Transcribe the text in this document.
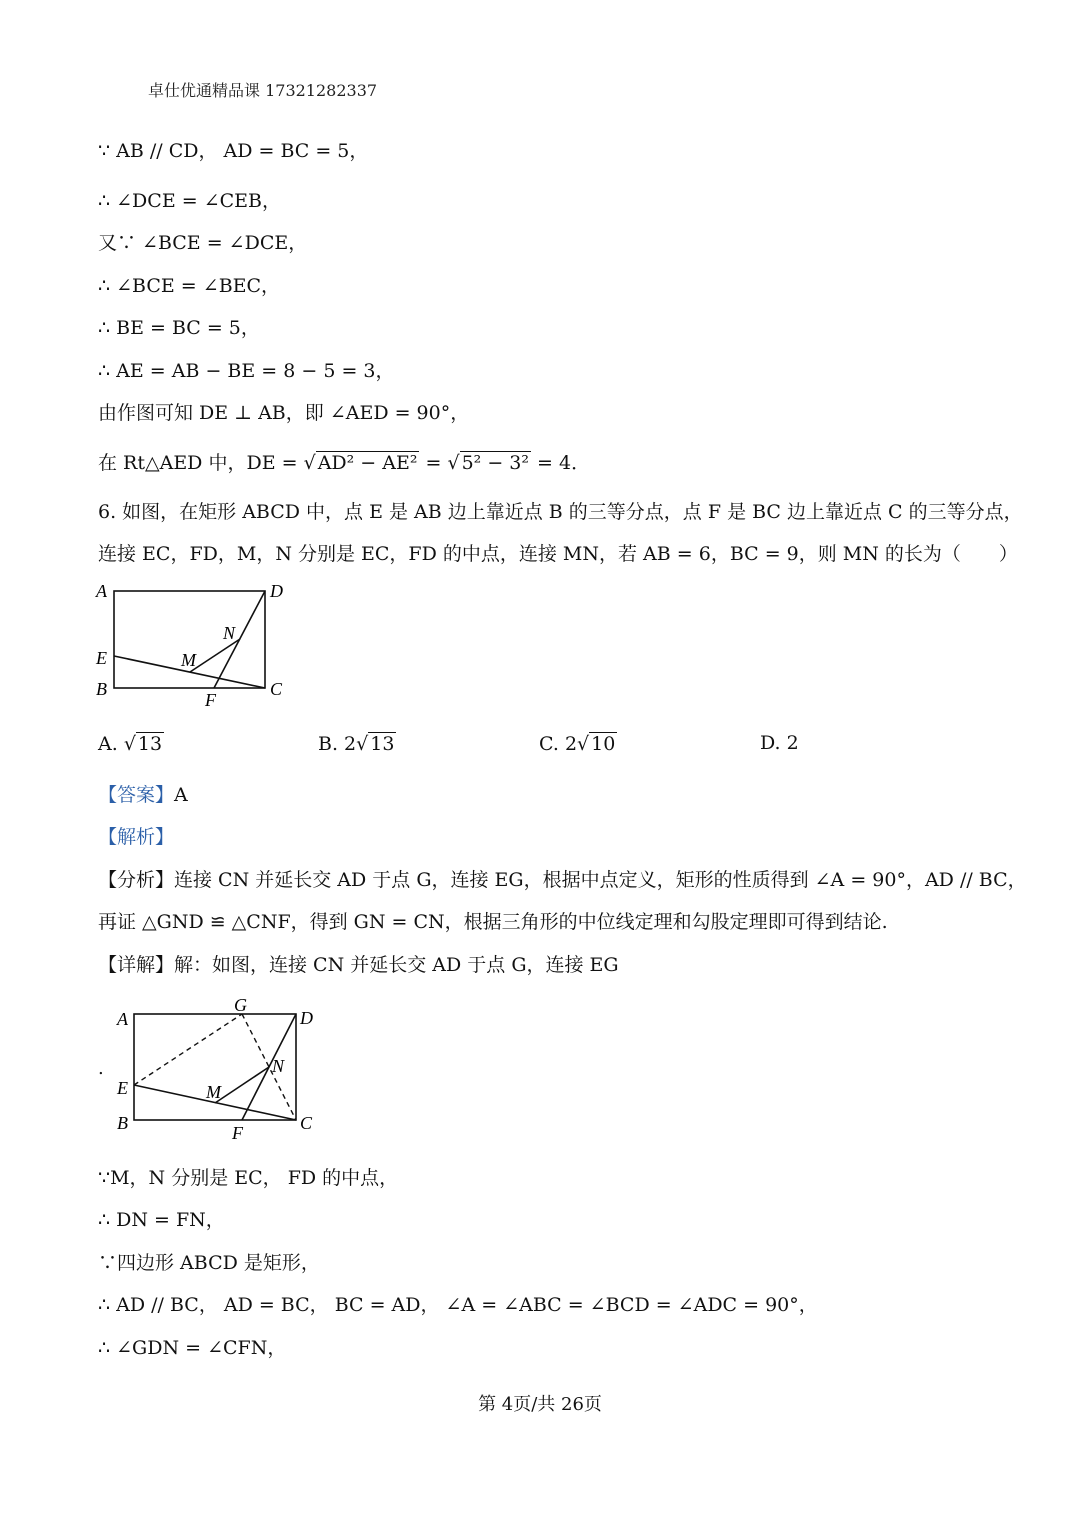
卓仕优通精品课 17321282337
∵ AB // CD， AD = BC = 5，
∴ ∠DCE = ∠CEB，
又∵ ∠BCE = ∠DCE，
∴ ∠BCE = ∠BEC，
∴ BE = BC = 5，
∴ AE = AB − BE = 8 − 5 = 3，
由作图可知 DE ⊥ AB，即 ∠AED = 90°，
在 Rt△AED 中，DE = √ AD² − AE² = √ 5² − 3² = 4．
6. 如图，在矩形 ABCD 中，点 E 是 AB 边上靠近点 B 的三等分点，点 F 是 BC 边上靠近点 C 的三等分点，
连接 EC，FD，M，N 分别是 EC，FD 的中点，连接 MN，若 AB = 6，BC = 9，则 MN 的长为（　　）
A	D
N
M
E
B	C
F
A. √ 13	B. 2√ 13	C. 2√ 10	D. 2
【答案】A
【解析】
【分析】连接 CN 并延长交 AD 于点 G，连接 EG，根据中点定义，矩形的性质得到 ∠A = 90°，AD // BC，
再证 △GND ≌ △CNF，得到 GN = CN，根据三角形的中位线定理和勾股定理即可得到结论.
【详解】解：如图，连接 CN 并延长交 AD 于点 G，连接 EG
.
A
G
D
N
M
E
B	C
F
∵M，N 分别是 EC， FD 的中点，
∴ DN = FN，
∵四边形 ABCD 是矩形，
∴ AD // BC， AD = BC， BC = AD， ∠A = ∠ABC = ∠BCD = ∠ADC = 90°，
∴ ∠GDN = ∠CFN，
第 4页/共 26页
